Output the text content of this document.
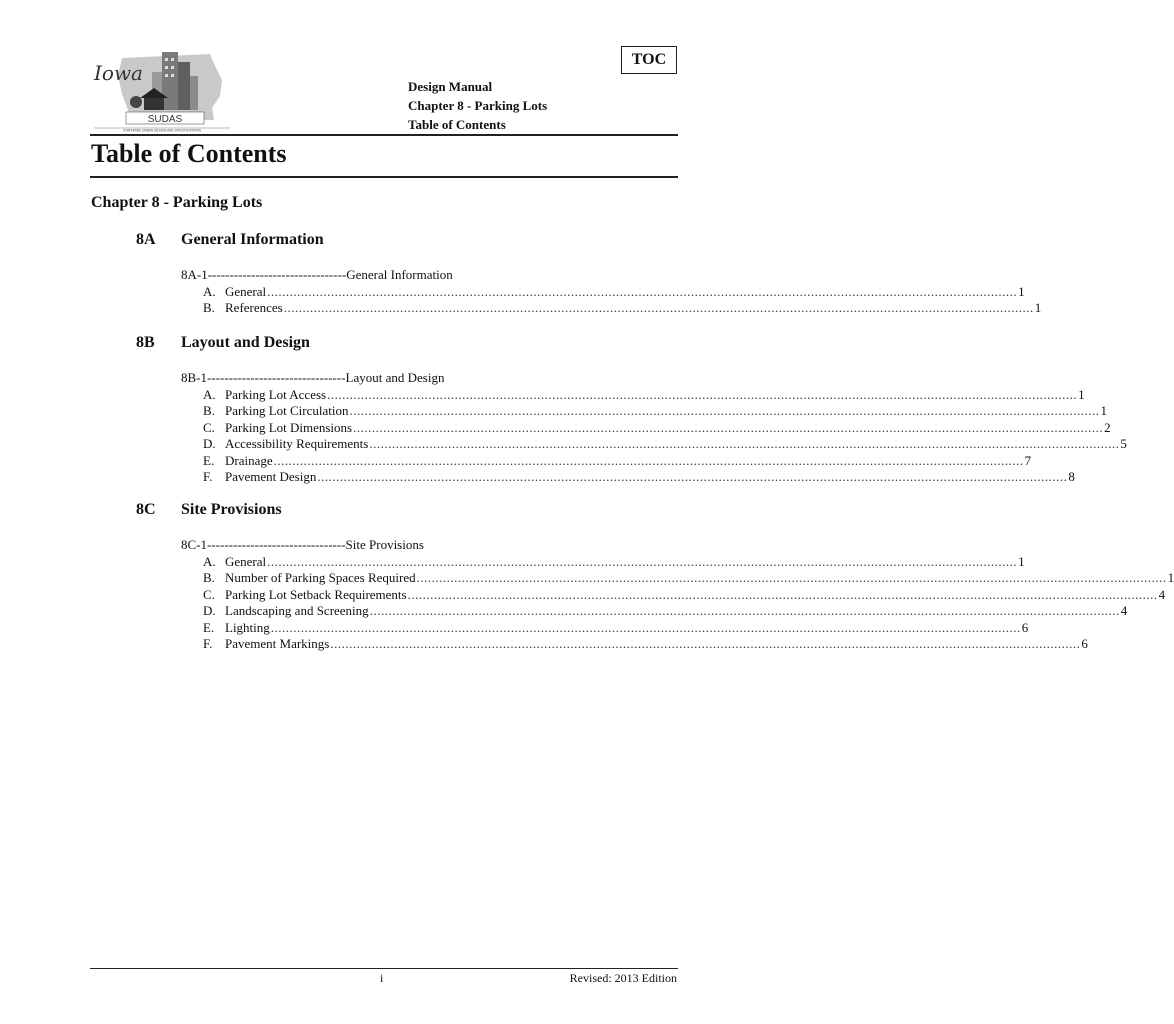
TOC
Iowa
SUDAS
STATEWIDE URBAN DESIGN AND SPECIFICATIONS
Design Manual
Chapter 8 - Parking Lots
Table of Contents
Table of Contents
Chapter 8 - Parking Lots
8A General Information
8A-1--------------------------------General Information
A. General ........................................................................................................................................................................................................ 1
B. References ........................................................................................................................................................................................................ 1
8B Layout and Design
8B-1--------------------------------Layout and Design
A. Parking Lot Access ........................................................................................................................................................................................................ 1
B. Parking Lot Circulation ........................................................................................................................................................................................................ 1
C. Parking Lot Dimensions ........................................................................................................................................................................................................ 2
D. Accessibility Requirements ........................................................................................................................................................................................................ 5
E. Drainage ........................................................................................................................................................................................................ 7
F. Pavement Design ........................................................................................................................................................................................................ 8
8C Site Provisions
8C-1--------------------------------Site Provisions
A. General ........................................................................................................................................................................................................ 1
B. Number of Parking Spaces Required ........................................................................................................................................................................................................ 1
C. Parking Lot Setback Requirements ........................................................................................................................................................................................................ 4
D. Landscaping and Screening ........................................................................................................................................................................................................ 4
E. Lighting ........................................................................................................................................................................................................ 6
F. Pavement Markings ........................................................................................................................................................................................................ 6
i	Revised: 2013 Edition
